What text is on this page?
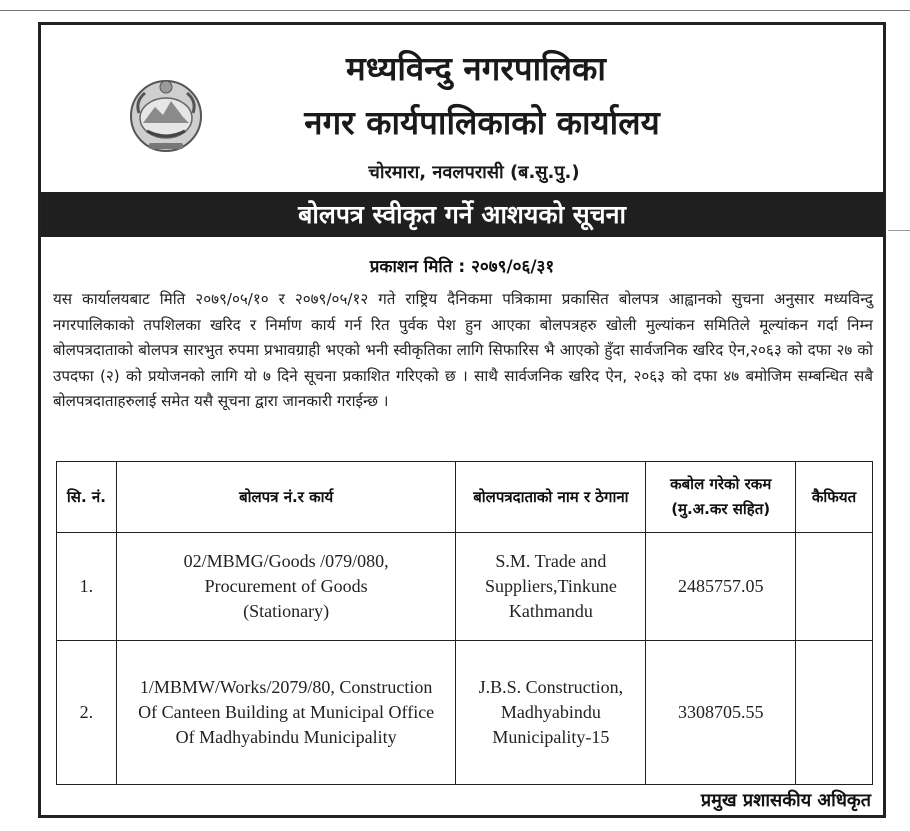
मध्यविन्दु नगरपालिका
नगर कार्यपालिकाको कार्यालय
चोरमारा, नवलपरासी (ब.सु.पु.)
बोलपत्र स्वीकृत गर्ने आशयको सूचना
प्रकाशन मिति : २०७९/०६/३१
यस कार्यालयबाट मिति २०७९/०५/१० र २०७९/०५/१२ गते राष्ट्रिय दैनिकमा पत्रिकामा प्रकासित बोलपत्र आह्वानको सुचना अनुसार मध्यविन्दु नगरपालिकाको तपशिलका खरिद र निर्माण कार्य गर्न रित पुर्वक पेश हुन आएका बोलपत्रहरु खोली मुल्यांकन समितिले मूल्यांकन गर्दा निम्न बोलपत्रदाताको बोलपत्र सारभुत रुपमा प्रभावग्राही भएको भनी स्वीकृतिका लागि सिफारिस भै आएको हुँदा सार्वजनिक खरिद ऐन,२०६३ को दफा २७ को उपदफा (२) को प्रयोजनको लागि यो ७ दिने सूचना प्रकाशित गरिएको छ । साथै सार्वजनिक खरिद ऐन, २०६३ को दफा ४७ बमोजिम सम्बन्धित सबै बोलपत्रदाताहरुलाई समेत यसै सूचना द्वारा जानकारी गराईन्छ ।
सि. नं.	बोलपत्र नं.र कार्य	बोलपत्रदाताको नाम र ठेगाना	कबोल गरेको रकम (मु.अ.कर सहित)	कैफियत
1.	02/MBMG/Goods /079/080, Procurement of Goods (Stationary)	S.M. Trade and Suppliers,Tinkune Kathmandu	2485757.05	
2.	1/MBMW/Works/2079/80, Construction Of Canteen Building at Municipal Office Of Madhyabindu Municipality	J.B.S. Construction, Madhyabindu Municipality-15	3308705.55	
प्रमुख प्रशासकीय अधिकृत
